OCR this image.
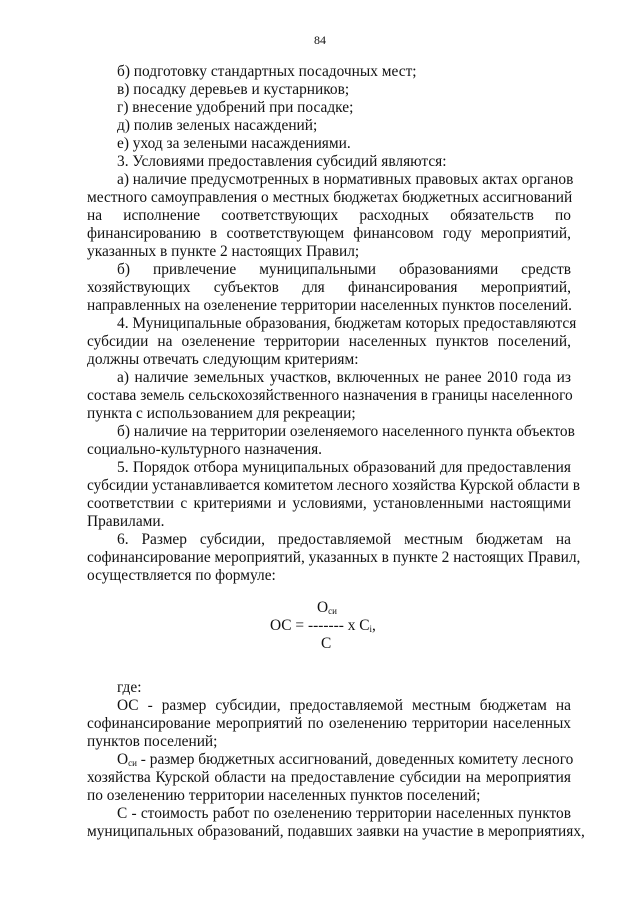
84
б) подготовку стандартных посадочных мест;
в) посадку деревьев и кустарников;
г) внесение удобрений при посадке;
д) полив зеленых насаждений;
е) уход за зелеными насаждениями.
3. Условиями предоставления субсидий являются:
а) наличие предусмотренных в нормативных правовых актах органов
местного самоуправления о местных бюджетах бюджетных ассигнований
на исполнение соответствующих расходных обязательств по
финансированию в соответствующем финансовом году мероприятий,
указанных в пункте 2 настоящих Правил;
б) привлечение муниципальными образованиями средств
хозяйствующих субъектов для финансирования мероприятий,
направленных на озеленение территории населенных пунктов поселений.
4. Муниципальные образования, бюджетам которых предоставляются
субсидии на озеленение территории населенных пунктов поселений,
должны отвечать следующим критериям:
а) наличие земельных участков, включенных не ранее 2010 года из
состава земель сельскохозяйственного назначения в границы населенного
пункта с использованием для рекреации;
б) наличие на территории озеленяемого населенного пункта объектов
социально-культурного назначения.
5. Порядок отбора муниципальных образований для предоставления
субсидии устанавливается комитетом лесного хозяйства Курской области в
соответствии с критериями и условиями, установленными настоящими
Правилами.
6. Размер субсидии, предоставляемой местным бюджетам на
софинансирование мероприятий, указанных в пункте 2 настоящих Правил,
осуществляется по формуле:
$О_{си}$
ОС = ------- х $С_i$,
С
где:
ОС - размер субсидии, предоставляемой местным бюджетам на
софинансирование мероприятий по озеленению территории населенных
пунктов поселений;
$О_{си}$ - размер бюджетных ассигнований, доведенных комитету лесного
хозяйства Курской области на предоставление субсидии на мероприятия
по озеленению территории населенных пунктов поселений;
С - стоимость работ по озеленению территории населенных пунктов
муниципальных образований, подавших заявки на участие в мероприятиях,
